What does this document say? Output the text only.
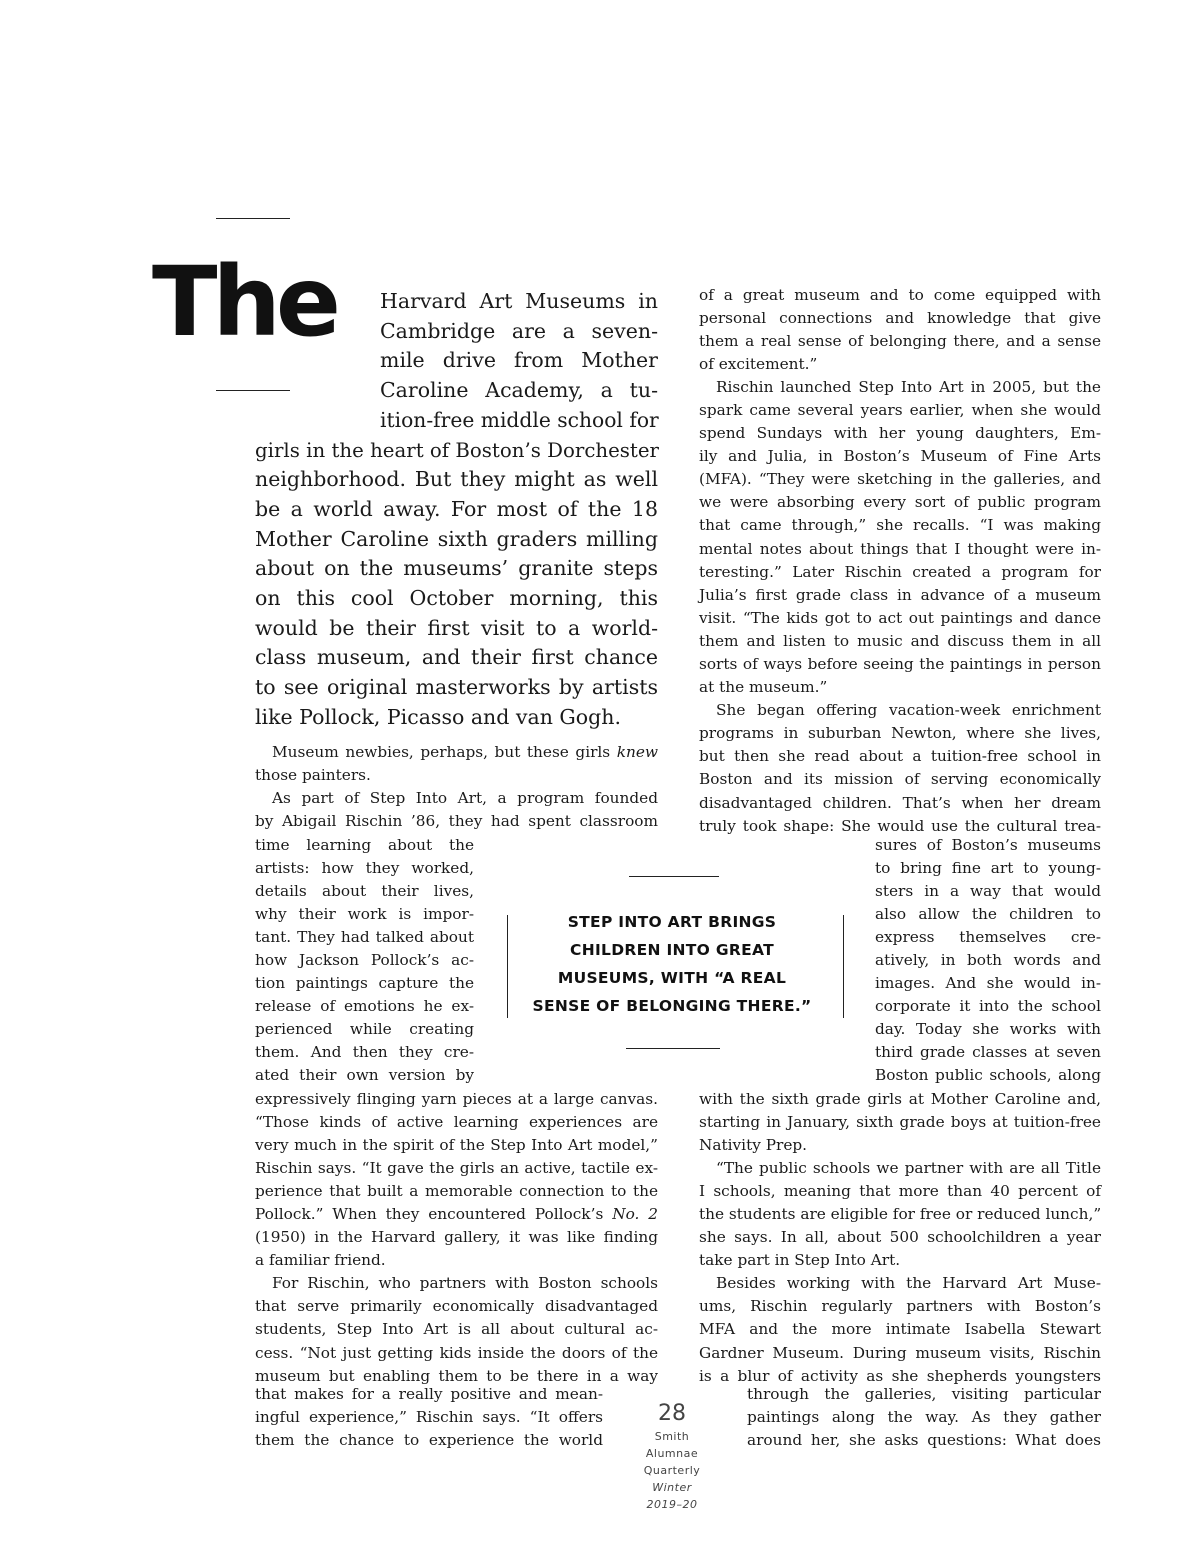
The Harvard Art Museums in
Cambridge are a seven-
mile drive from Mother
Caroline Academy, a tu-
ition-free middle school for
girls in the heart of Boston’s Dorchester
neighborhood. But they might as well
be a world away. For most of the 18
Mother Caroline sixth graders milling
about on the museums’ granite steps
on this cool October morning, this
would be their first visit to a world-
class museum, and their first chance
to see original masterworks by artists
like Pollock, Picasso and van Gogh.
Museum newbies, perhaps, but these girls knew
those painters.
As part of Step Into Art, a program founded
by Abigail Rischin ’86, they had spent classroom
time learning about the
artists: how they worked,
details about their lives,
why their work is impor-
tant. They had talked about
how Jackson Pollock’s ac-
tion paintings capture the
release of emotions he ex-
perienced while creating
them. And then they cre-
ated their own version by
expressively flinging yarn pieces at a large canvas.
“Those kinds of active learning experiences are
very much in the spirit of the Step Into Art model,”
Rischin says. “It gave the girls an active, tactile ex-
perience that built a memorable connection to the
Pollock.” When they encountered Pollock’s No. 2
(1950) in the Harvard gallery, it was like finding
a familiar friend.
For Rischin, who partners with Boston schools
that serve primarily economically disadvantaged
students, Step Into Art is all about cultural ac-
cess. “Not just getting kids inside the doors of the
museum but enabling them to be there in a way
that makes for a really positive and mean-
ingful experience,” Rischin says. “It offers
them the chance to experience the world
of a great museum and to come equipped with
personal connections and knowledge that give
them a real sense of belonging there, and a sense
of excitement.”
Rischin launched Step Into Art in 2005, but the
spark came several years earlier, when she would
spend Sundays with her young daughters, Em-
ily and Julia, in Boston’s Museum of Fine Arts
(MFA). “They were sketching in the galleries, and
we were absorbing every sort of public program
that came through,” she recalls. “I was making
mental notes about things that I thought were in-
teresting.” Later Rischin created a program for
Julia’s first grade class in advance of a museum
visit. “The kids got to act out paintings and dance
them and listen to music and discuss them in all
sorts of ways before seeing the paintings in person
at the museum.”
She began offering vacation-week enrichment
programs in suburban Newton, where she lives,
but then she read about a tuition-free school in
Boston and its mission of serving economically
disadvantaged children. That’s when her dream
truly took shape: She would use the cultural trea-
sures of Boston’s museums
to bring fine art to young-
sters in a way that would
also allow the children to
express themselves cre-
atively, in both words and
images. And she would in-
corporate it into the school
day. Today she works with
third grade classes at seven
Boston public schools, along
with the sixth grade girls at Mother Caroline and,
starting in January, sixth grade boys at tuition-free
Nativity Prep.
“The public schools we partner with are all Title
I schools, meaning that more than 40 percent of
the students are eligible for free or reduced lunch,”
she says. In all, about 500 schoolchildren a year
take part in Step Into Art.
Besides working with the Harvard Art Muse-
ums, Rischin regularly partners with Boston’s
MFA and the more intimate Isabella Stewart
Gardner Museum. During museum visits, Rischin
is a blur of activity as she shepherds youngsters
through the galleries, visiting particular
paintings along the way. As they gather
around her, she asks questions: What does
STEP INTO ART BRINGS
CHILDREN INTO GREAT
MUSEUMS, WITH “A REAL
SENSE OF BELONGING THERE.”
28
Smith
Alumnae
Quarterly
Winter
2019–20
